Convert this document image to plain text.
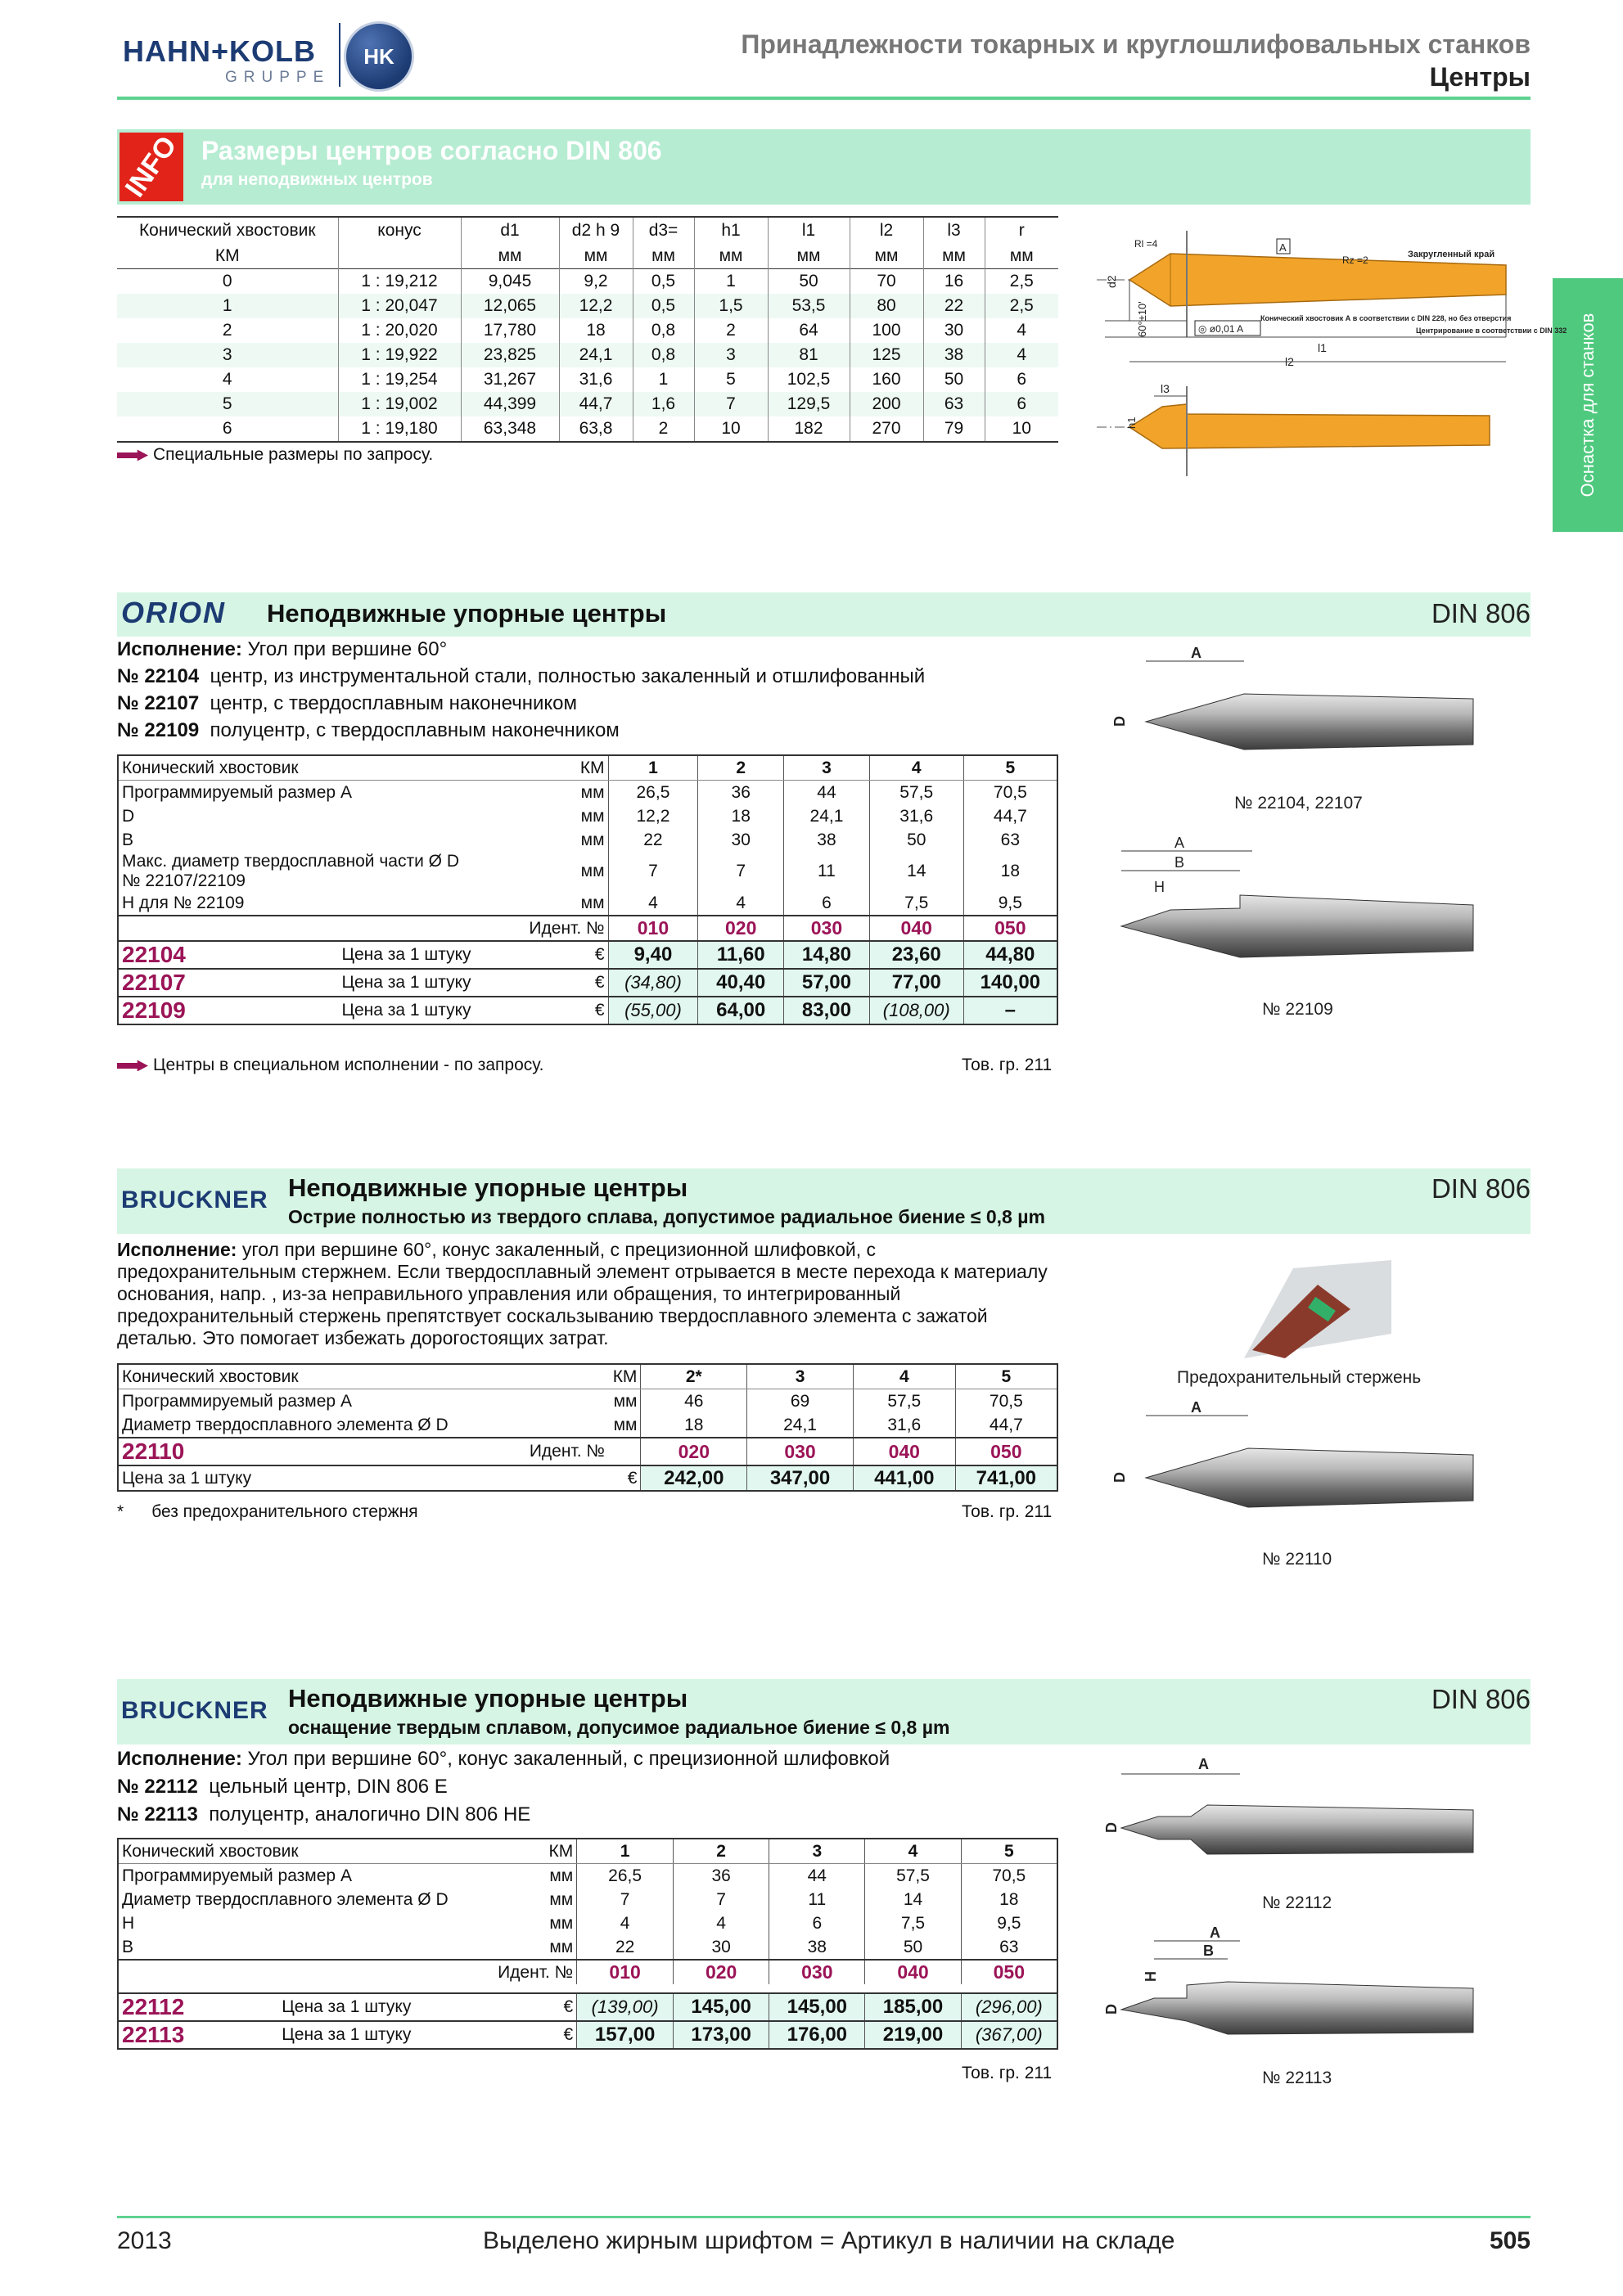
HAHN+KOLB
GRUPPE
HK	Принадлежности токарных и круглошлифовальных станков
Центры
Оснастка для станков
INFO Размеры центров согласно DIN 806
для неподвижных центров
Конический хвостовик	конус	d1	d2 h 9	d3=	h1	l1	l2	l3	r
КМ		мм	мм	мм	мм	мм	мм	мм	мм
0	1 : 19,212	9,045	9,2	0,5	1	50	70	16	2,5
1	1 : 20,047	12,065	12,2	0,5	1,5	53,5	80	22	2,5
2	1 : 20,020	17,780	18	0,8	2	64	100	30	4
3	1 : 19,922	23,825	24,1	0,8	3	81	125	38	4
4	1 : 19,254	31,267	31,6	1	5	102,5	160	50	6
5	1 : 19,002	44,399	44,7	1,6	7	129,5	200	63	6
6	1 : 19,180	63,348	63,8	2	10	182	270	79	10
Специальные размеры по запросу.
d2
Rl =4	A
Rz =2	Закругленный край
60°±10'	◎ ø0,01 A
Конический хвостовик А в соответствии с DIN 228, но без отверстия
Центрирование в соответствии с DIN 332
l1
l2
l3
h1
ORION Неподвижные упорные центры	DIN 806
Исполнение: Угол при вершине 60°
№ 22104 центр, из инструментальной стали, полностью закаленный и отшлифованный
№ 22107 центр, с твердосплавным наконечником
№ 22109 полуцентр, с твердосплавным наконечником
Конический хвостовик		КМ	1	2	3	4	5
Программируемый размер A		мм	26,5	36	44	57,5	70,5
D		мм	12,2	18	24,1	31,6	44,7
B		мм	22	30	38	50	63
Макс. диаметр твердосплавной части Ø D
№ 22107/22109		мм	7	7	11	14	18
H для № 22109		мм	4	4	6	7,5	9,5
Идент. №			010	020	030	040	050
22104	Цена за 1 штуку	€	9,40	11,60	14,80	23,60	44,80
22107	Цена за 1 штуку	€	(34,80)	40,40	57,00	77,00	140,00
22109	Цена за 1 штуку	€	(55,00)	64,00	83,00	(108,00)	–
Центры в специальном исполнении - по запросу.	Тов. гр. 211
A
D
№ 22104, 22107
A
B
H
№ 22109
BRUCKNER Неподвижные упорные центры
Острие полностью из твердого сплава, допустимое радиальное биение ≤ 0,8 µm
DIN 806
Исполнение: угол при вершине 60°, конус закаленный, с прецизионной шлифовкой, с предохранительным стержнем. Если твердосплавный элемент отрывается в месте перехода к материалу основания, напр. , из-за неправильного управления или обращения, то интегрированный предохранительный стержень препятствует соскальзыванию твердосплавного элемента с зажатой деталью. Это помогает избежать дорогостоящих затрат.
Конический хвостовик		КМ	2*	3	4	5
Программируемый размер A		мм	46	69	57,5	70,5
Диаметр твердосплавного элемента Ø D		мм	18	24,1	31,6	44,7
22110	Идент. №		020	030	040	050
Цена за 1 штуку		€	242,00	347,00	441,00	741,00
* без предохранительного стержня	Тов. гр. 211
Предохранительный стержень
A
D
№ 22110
BRUCKNER Неподвижные упорные центры
оснащение твердым сплавом, допусимое радиальное биение ≤ 0,8 µm
DIN 806
Исполнение: Угол при вершине 60°, конус закаленный, с прецизионной шлифовкой
№ 22112 цельный центр, DIN 806 E
№ 22113 полуцентр, аналогично DIN 806 HE
Конический хвостовик		КМ	1	2	3	4	5
Программируемый размер A		мм	26,5	36	44	57,5	70,5
Диаметр твердосплавного элемента Ø D		мм	7	7	11	14	18
H		мм	4	4	6	7,5	9,5
B		мм	22	30	38	50	63
Идент. №			010	020	030	040	050

22112	Цена за 1 штуку	€	(139,00)	145,00	145,00	185,00	(296,00)
22113	Цена за 1 штуку	€	157,00	173,00	176,00	219,00	(367,00)
Тов. гр. 211
A
D
№ 22112
A
B
H
D
№ 22113
2013	Выделено жирным шрифтом = Артикул в наличии на складе	505
